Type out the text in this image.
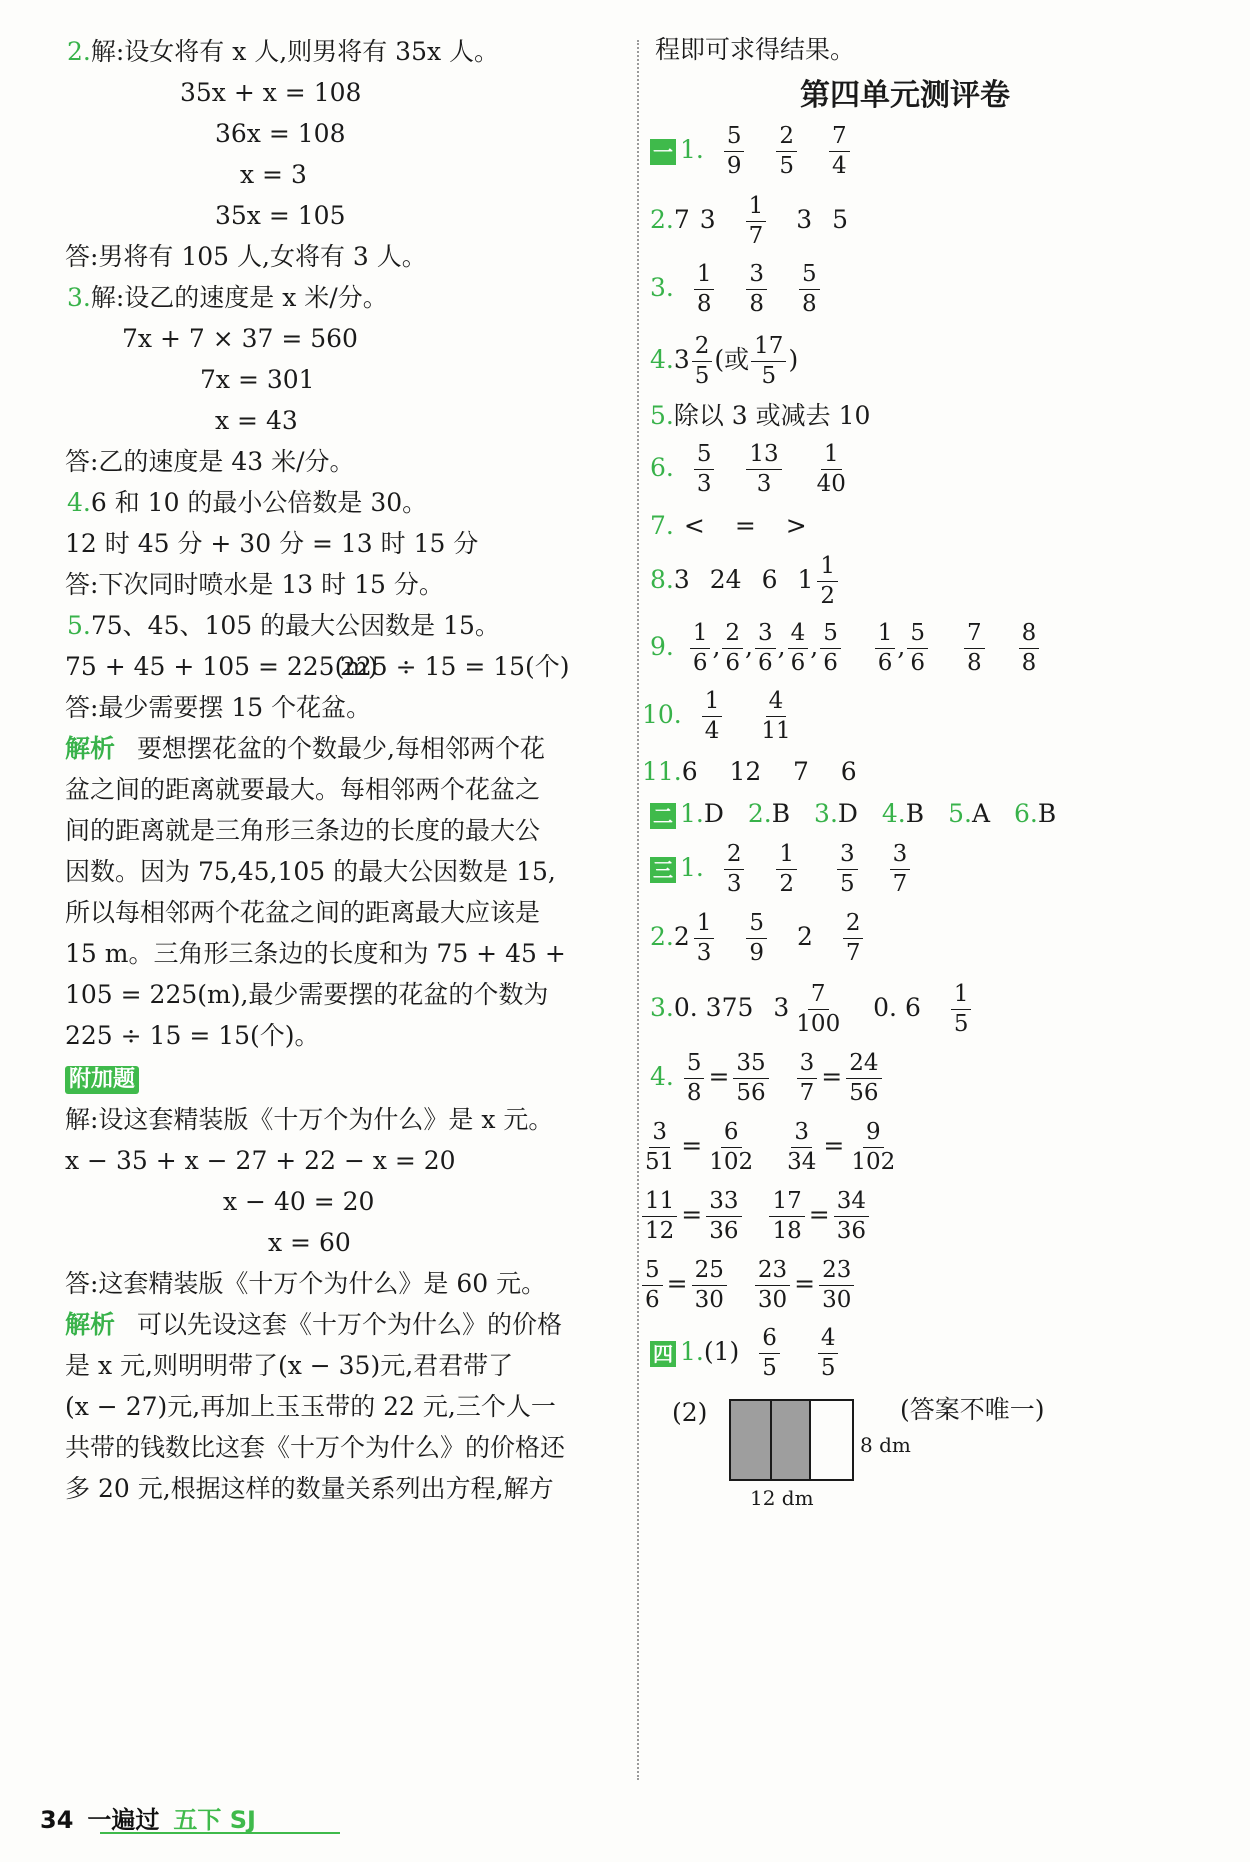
2.解:设女将有 x 人,则男将有 35x 人。
35x + x = 108
36x = 108
x = 3
35x = 105
答:男将有 105 人,女将有 3 人。
3.解:设乙的速度是 x 米/分。
7x + 7 × 37 = 560
7x = 301
x = 43
答:乙的速度是 43 米/分。
4.6 和 10 的最小公倍数是 30。
12 时 45 分 + 30 分 = 13 时 15 分
答:下次同时喷水是 13 时 15 分。
5.75、45、105 的最大公因数是 15。
75 + 45 + 105 = 225(m)
225 ÷ 15 = 15(个)
答:最少需要摆 15 个花盆。
解析 要想摆花盆的个数最少,每相邻两个花
盆之间的距离就要最大。每相邻两个花盆之
间的距离就是三角形三条边的长度的最大公
因数。因为 75,45,105 的最大公因数是 15,
所以每相邻两个花盆之间的距离最大应该是
15 m。三角形三条边的长度和为 75 + 45 +
105 = 225(m),最少需要摆的花盆的个数为
225 ÷ 15 = 15(个)。
附加题
解:设这套精装版《十万个为什么》是 x 元。
x − 35 + x − 27 + 22 − x = 20
x − 40 = 20
x = 60
答:这套精装版《十万个为什么》是 60 元。
解析 可以先设这套《十万个为什么》的价格
是 x 元,则明明带了(x − 35)元,君君带了
(x − 27)元,再加上玉玉带的 22 元,三个人一
共带的钱数比这套《十万个为什么》的价格还
多 20 元,根据这样的数量关系列出方程,解方
程即可求得结果。
第四单元测评卷
一 1. $\frac{5}{9}$
$\frac{2}{5}$
$\frac{7}{4}$
2.7 $3 \frac{1}{7} 3$ 5
3. $\frac{1}{8}$
$\frac{3}{8}$
$\frac{5}{8}$
$4.3 \frac{2}{5}$ (或 $\frac{17}{5}$ )
5.除以 3 或减去 10
6. $\frac{5}{3}$
$\frac{13}{3}$
$\frac{1}{40}$
7. < = >
8.3 24 6 $1 \frac{1}{2}$
9. $\frac{1}{6}$ , $\frac{2}{6}$ , $\frac{3}{6}$ , $\frac{4}{6}$ , $\frac{5}{6}$
$\frac{1}{6}$ , $\frac{5}{6}$
$\frac{7}{8}$
$\frac{8}{8}$
10. $\frac{1}{4}$
$\frac{4}{11}$
11.6    12    7    6
二 1.D 2.B 3.D 4.B 5.A 6.B
三 1. $\frac{2}{3}$
$\frac{1}{2}$
$\frac{3}{5}$
$\frac{3}{7}$
$2.2 \frac{1}{3}$
$\frac{5}{9} 2 \frac{2}{7}$
3.0. 375 $3 \frac{7}{100} 0$. $6 \frac{1}{5}$
4. $\frac{5}{8} = \frac{35}{56}$
$\frac{3}{7} = \frac{24}{56}$
$\frac{3}{51} = \frac{6}{102}$
$\frac{3}{34} = \frac{9}{102}$
$\frac{11}{12} = \frac{33}{36}$
$\frac{17}{18} = \frac{34}{36}$
$\frac{5}{6} = \frac{25}{30}$
$\frac{23}{30} = \frac{23}{30}$
四 $1.(1) \frac{6}{5}$
$\frac{4}{5}$
(2)	(答案不唯一)
8 dm
12 dm
34 一遍过 五下 SJ
